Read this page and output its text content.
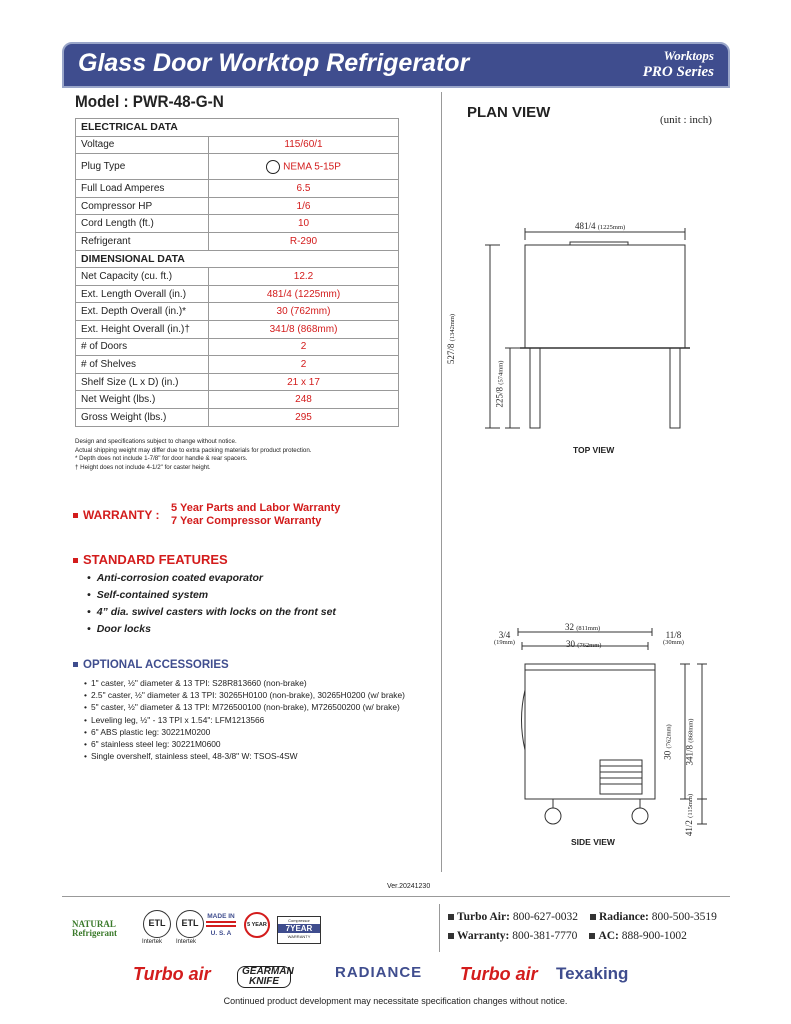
Glass Door Worktop Refrigerator	Worktops
PRO Series
Model : PWR-48-G-N
ELECTRICAL DATA	
Voltage	115/60/1
Plug Type	NEMA 5-15P
Full Load Amperes	6.5
Compressor HP	1/6
Cord Length (ft.)	10
Refrigerant	R-290
DIMENSIONAL DATA	
Net Capacity (cu. ft.)	12.2
Ext. Length Overall (in.)	481/4 (1225mm)
Ext. Depth Overall (in.)*	30 (762mm)
Ext. Height Overall (in.)†	341/8 (868mm)
# of Doors	2
# of Shelves	2
Shelf Size (L x D) (in.)	21 x 17
Net Weight (lbs.)	248
Gross Weight (lbs.)	295
Design and specifications subject to change without notice.
Actual shipping weight may differ due to extra packing materials for product protection.
* Depth does not include 1-7/8" for door handle & rear spacers.
† Height does not include 4-1/2" for caster height.
WARRANTY : 5 Year Parts and Labor Warranty
7 Year Compressor Warranty
STANDARD FEATURES
• Anti-corrosion coated evaporator
• Self-contained system
• 4” dia. swivel casters with locks on the front set
• Door locks
OPTIONAL ACCESSORIES
• 1" caster, ½" diameter & 13 TPI: S28R813660 (non-brake)
• 2.5" caster, ½" diameter & 13 TPI: 30265H0100 (non-brake), 30265H0200 (w/ brake)
• 5" caster, ½" diameter & 13 TPI: M726500100 (non-brake), M726500200 (w/ brake)
• Leveling leg, ½" - 13 TPI x 1.54": LFM1213566
• 6" ABS plastic leg: 30221M0200
• 6" stainless steel leg: 30221M0600
• Single overshelf, stainless steel, 48-3/8" W: TSOS-4SW
Ver.20241230
PLAN VIEW	(unit : inch)
481/4 (1225mm)
527/8 (1342mm)
225/8 (574mm)
TOP VIEW
32 (811mm)
30 (762mm)
3/4
(19mm)
11/8
(30mm)
30 (762mm)
341/8 (868mm)
41/2 (115mm)
SIDE VIEW
NATURAL
Refrigerant
ETL
Intertek
ETL
Intertek
MADE IN
U. S. A
5 YEAR
Compressor
7YEAR
WARRANTY
Turbo Air: 800-627-0032	Radiance: 800-500-3519
Warranty: 800-381-7770	AC: 888-900-1002
Turbo air	GEARMAN KNIFE
RADIANCE Turbo air Texaking
Continued product development may necessitate specification changes without notice.
